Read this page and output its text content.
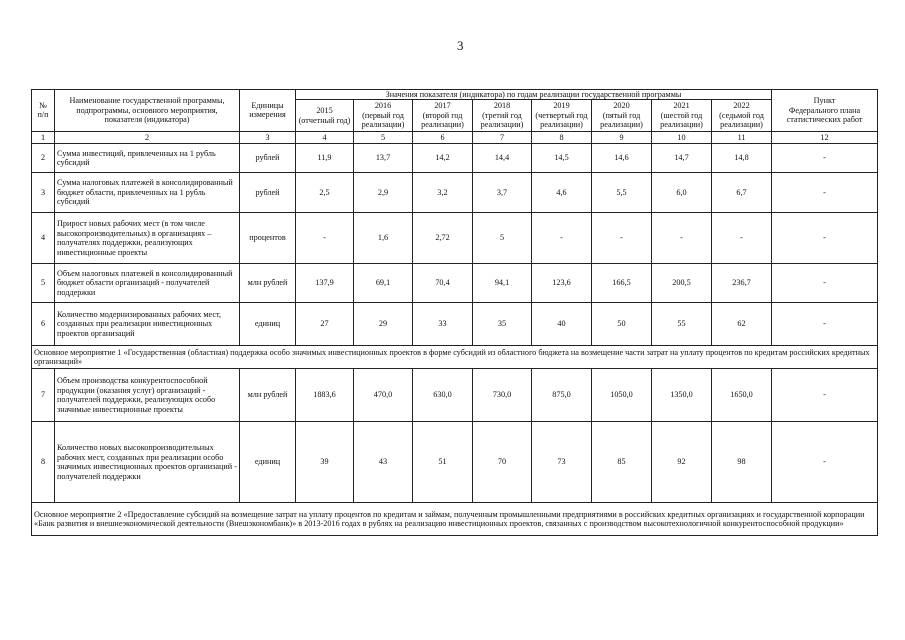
3
№
п/п	Наименование государственной программы,
подпрограммы, основного мероприятия,
показателя (индикатора)	Единицы
измерения	Значения показателя (индикатора) по годам реализации государственной программы								Пункт
Федерального плана
статистических работ
			2015
(отчетный год)	2016
(первый год
реализации)	2017
(второй год
реализации)	2018
(третий год
реализации)	2019
(четвертый год
реализации)	2020
(пятый год
реализации)	2021
(шестой год
реализации)	2022
(седьмой год
реализации)	
1	2	3	4	5	6	7	8	9	10	11	12
2	Сумма инвестиций, привлеченных на 1 рубль субсидий	рублей	11,9	13,7	14,2	14,4	14,5	14,6	14,7	14,8	-
3	Сумма налоговых платежей в консолидированный
бюджет области, привлеченных на 1 рубль субсидий	рублей	2,5	2,9	3,2	3,7	4,6	5,5	6,0	6,7	-
4	Прирост новых рабочих мест (в том числе высокопроизводительных) в организациях – получателях поддержки, реализующих инвестиционные проекты	процентов	-	1,6	2,72	5	-	-	-	-	-
5	Объем налоговых платежей в консолидированный бюджет области организаций - получателей поддержки	млн рублей	137,9	69,1	70,4	94,1	123,6	166,5	200,5	236,7	-
6	Количество модернизированных рабочих мест, созданных при реализации инвестиционных проектов организаций	единиц	27	29	33	35	40	50	55	62	-
Основное мероприятие 1 «Государственная (областная) поддержка особо значимых инвестиционных проектов в форме субсидий из областного бюджета на возмещение части затрат на уплату процентов по кредитам российских кредитных организаций»											
7	Объем производства конкурентоспособной продукции (оказания услуг) организаций - получателей поддержки, реализующих особо значимые инвестиционные проекты	млн рублей	1883,6	470,0	630,0	730,0	875,0	1050,0	1350,0	1650,0	-
8	Количество новых высокопроизводительных рабочих мест, созданных при реализации особо значимых инвестиционных проектов организаций - получателей поддержки	единиц	39	43	51	70	73	85	92	98	-
Основное мероприятие 2 «Предоставление субсидий на возмещение затрат на уплату процентов по кредитам и займам, полученным промышленными предприятиями в российских кредитных организациях и государственной корпорации «Банк развития и внешнеэкономической деятельности (Внешэкономбанк)» в 2013-2016 годах в рублях на реализацию инвестиционных проектов, связанных с производством высокотехнологичной конкурентоспособной продукции»											
